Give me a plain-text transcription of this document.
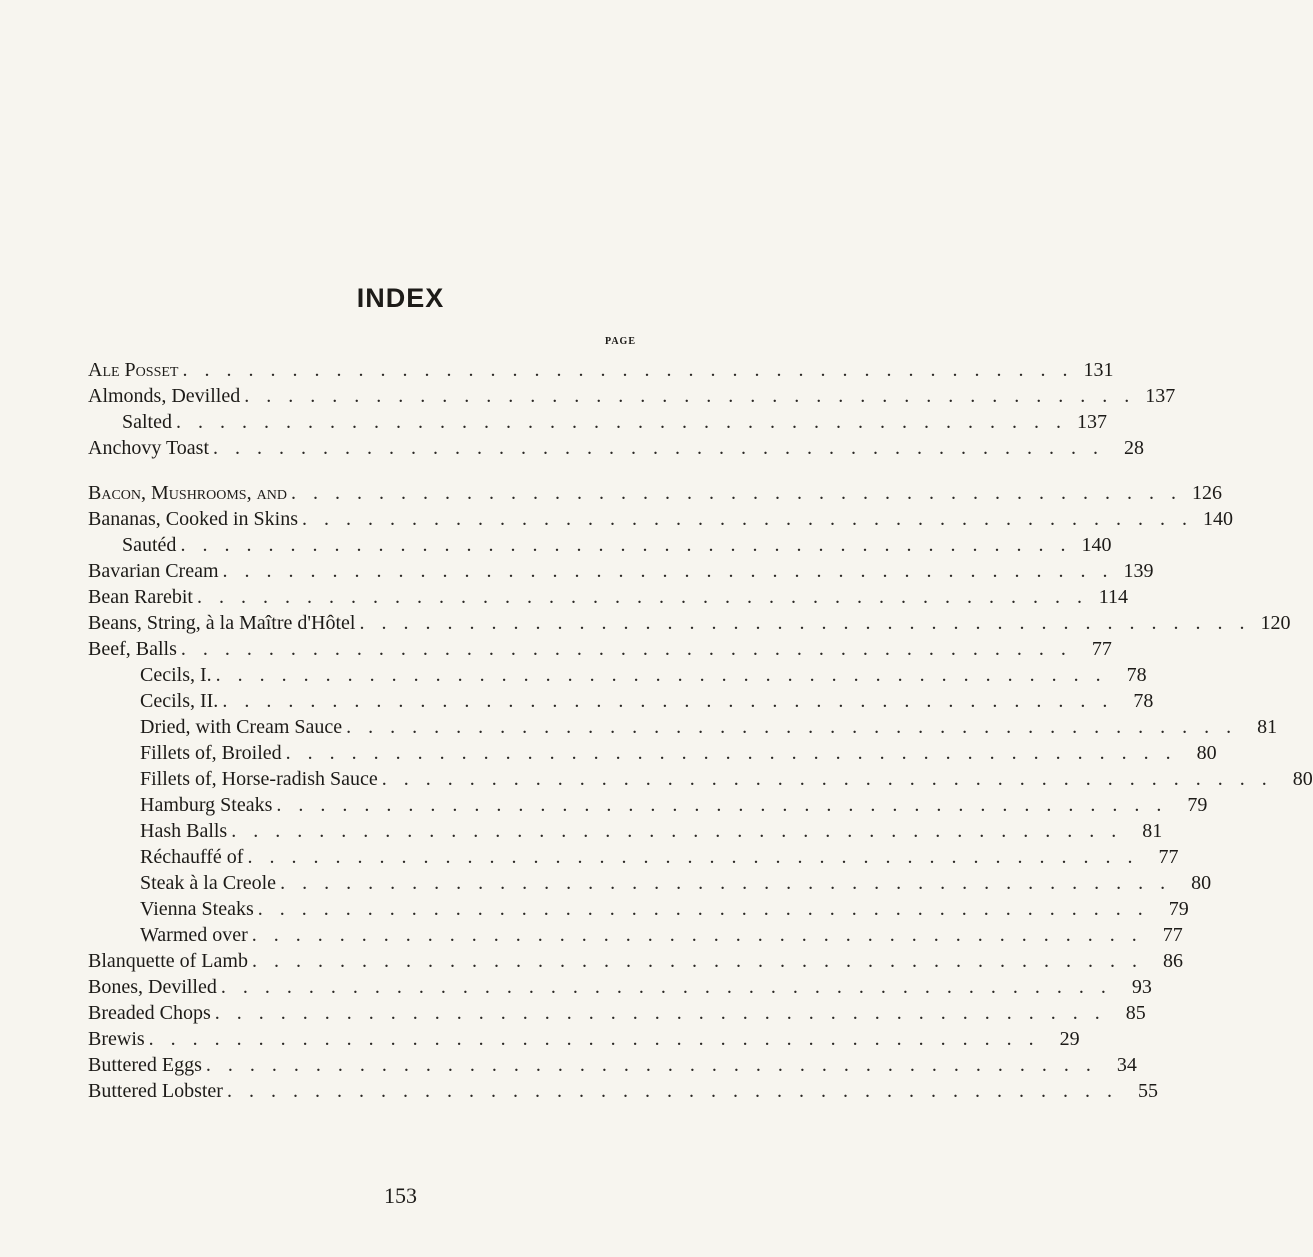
INDEX
PAGE
Ale Posset . . . . . . . . . . . . . . . . . . . . . . . . . . . . . . . . . . . . . . . . . 131
Almonds, Devilled . . . . . . . . . . . . . . . . . . . . . . . . . . . . . . . . . . . . . . . . . 137
Salted . . . . . . . . . . . . . . . . . . . . . . . . . . . . . . . . . . . . . . . . . 137
Anchovy Toast . . . . . . . . . . . . . . . . . . . . . . . . . . . . . . . . . . . . . . . . .	28
Bacon, Mushrooms, and . . . . . . . . . . . . . . . . . . . . . . . . . . . . . . . . . . . . . . . . . 126
Bananas, Cooked in Skins . . . . . . . . . . . . . . . . . . . . . . . . . . . . . . . . . . . . . . . . . 140
Sautéd . . . . . . . . . . . . . . . . . . . . . . . . . . . . . . . . . . . . . . . . . 140
Bavarian Cream . . . . . . . . . . . . . . . . . . . . . . . . . . . . . . . . . . . . . . . . . 139
Bean Rarebit . . . . . . . . . . . . . . . . . . . . . . . . . . . . . . . . . . . . . . . . . 114
Beans, String, à la Maître d'Hôtel . . . . . . . . . . . . . . . . . . . . . . . . . . . . . . . . . . . . . . . . . 120
Beef, Balls . . . . . . . . . . . . . . . . . . . . . . . . . . . . . . . . . . . . . . . . .	77
Cecils, I. . . . . . . . . . . . . . . . . . . . . . . . . . . . . . . . . . . . . . . . . .	78
Cecils, II. . . . . . . . . . . . . . . . . . . . . . . . . . . . . . . . . . . . . . . . . .	78
Dried, with Cream Sauce . . . . . . . . . . . . . . . . . . . . . . . . . . . . . . . . . . . . . . . . .	81
Fillets of, Broiled . . . . . . . . . . . . . . . . . . . . . . . . . . . . . . . . . . . . . . . . .	80
Fillets of, Horse-radish Sauce . . . . . . . . . . . . . . . . . . . . . . . . . . . . . . . . . . . . . . . . .	80
Hamburg Steaks . . . . . . . . . . . . . . . . . . . . . . . . . . . . . . . . . . . . . . . . .	79
Hash Balls . . . . . . . . . . . . . . . . . . . . . . . . . . . . . . . . . . . . . . . . .	81
Réchauffé of . . . . . . . . . . . . . . . . . . . . . . . . . . . . . . . . . . . . . . . . .	77
Steak à la Creole . . . . . . . . . . . . . . . . . . . . . . . . . . . . . . . . . . . . . . . . .	80
Vienna Steaks . . . . . . . . . . . . . . . . . . . . . . . . . . . . . . . . . . . . . . . . .	79
Warmed over . . . . . . . . . . . . . . . . . . . . . . . . . . . . . . . . . . . . . . . . .	77
Blanquette of Lamb . . . . . . . . . . . . . . . . . . . . . . . . . . . . . . . . . . . . . . . . .	86
Bones, Devilled . . . . . . . . . . . . . . . . . . . . . . . . . . . . . . . . . . . . . . . . .	93
Breaded Chops . . . . . . . . . . . . . . . . . . . . . . . . . . . . . . . . . . . . . . . . .	85
Brewis . . . . . . . . . . . . . . . . . . . . . . . . . . . . . . . . . . . . . . . . .	29
Buttered Eggs . . . . . . . . . . . . . . . . . . . . . . . . . . . . . . . . . . . . . . . . .	34
Buttered Lobster . . . . . . . . . . . . . . . . . . . . . . . . . . . . . . . . . . . . . . . . .	55
153
